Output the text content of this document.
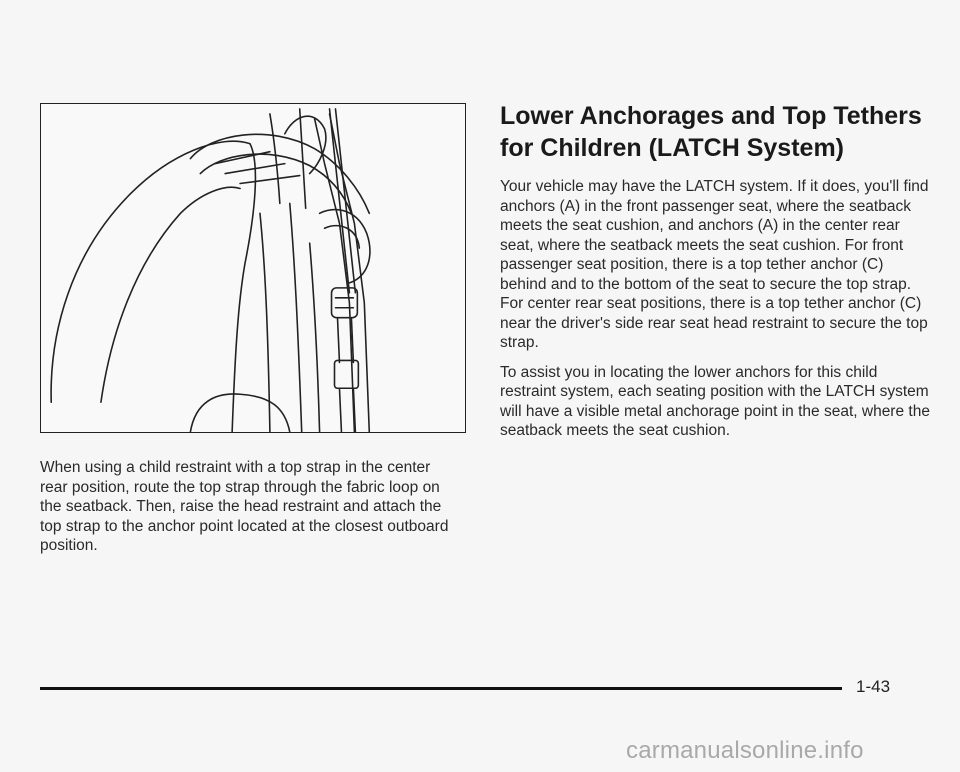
When using a child restraint with a top strap in the center rear position, route the top strap through the fabric loop on the seatback. Then, raise the head restraint and attach the top strap to the anchor point located at the closest outboard position.

Lower Anchorages and Top Tethers for Children (LATCH System)

Your vehicle may have the LATCH system. If it does, you'll find anchors (A) in the front passenger seat, where the seatback meets the seat cushion, and anchors (A) in the center rear seat, where the seatback meets the seat cushion. For front passenger seat position, there is a top tether anchor (C) behind and to the bottom of the seat to secure the top strap. For center rear seat positions, there is a top tether anchor (C) near the driver's side rear seat head restraint to secure the top strap.

To assist you in locating the lower anchors for this child restraint system, each seating position with the LATCH system will have a visible metal anchorage point in the seat, where the seatback meets the seat cushion.

1-43
carmanualsonline.info
